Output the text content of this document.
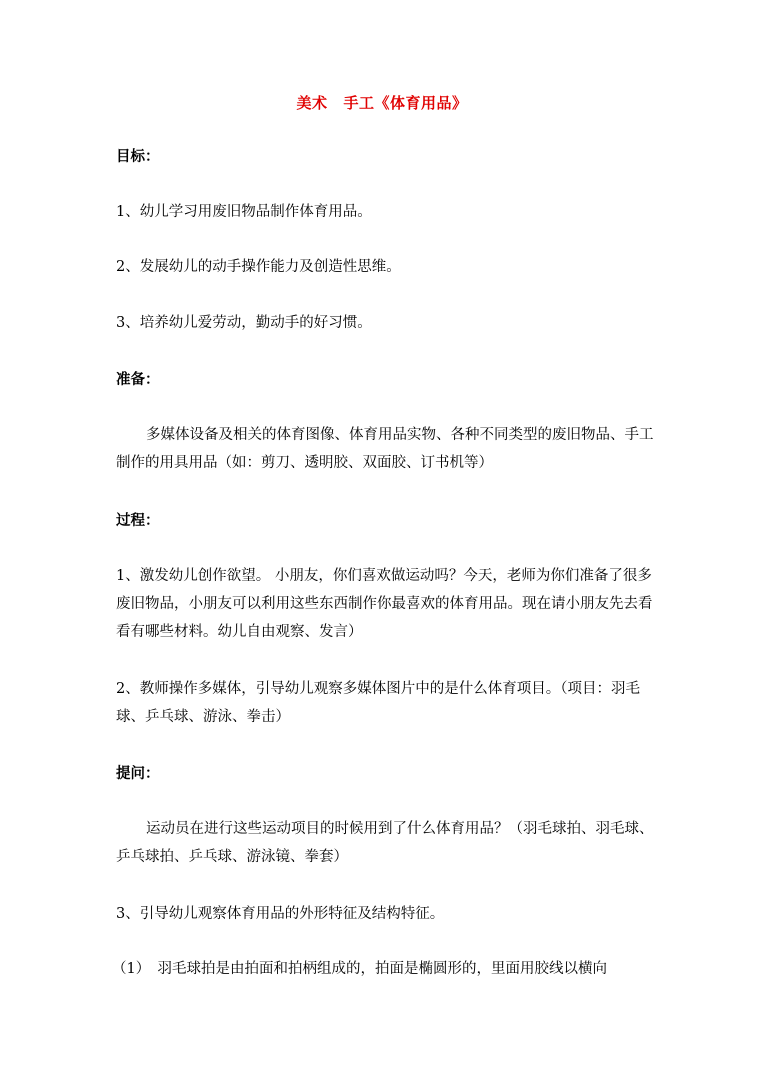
美术 手工《体育用品》
目标：
1、幼儿学习用废旧物品制作体育用品。
2、发展幼儿的动手操作能力及创造性思维。
3、培养幼儿爱劳动，勤动手的好习惯。
准备：
多媒体设备及相关的体育图像、体育用品实物、各种不同类型的废旧物品、手工制作的用具用品（如：剪刀、透明胶、双面胶、订书机等）
过程：
1、激发幼儿创作欲望。 小朋友，你们喜欢做运动吗？今天，老师为你们准备了很多废旧物品，小朋友可以利用这些东西制作你最喜欢的体育用品。现在请小朋友先去看看有哪些材料。幼儿自由观察、发言）
2、教师操作多媒体，引导幼儿观察多媒体图片中的是什么体育项目。（项目：羽毛球、乒乓球、游泳、拳击）
提问：
运动员在进行这些运动项目的时候用到了什么体育用品？（羽毛球拍、羽毛球、乒乓球拍、乒乓球、游泳镜、拳套）
3、引导幼儿观察体育用品的外形特征及结构特征。
（1）　羽毛球拍是由拍面和拍柄组成的，拍面是椭圆形的，里面用胶线以横向
